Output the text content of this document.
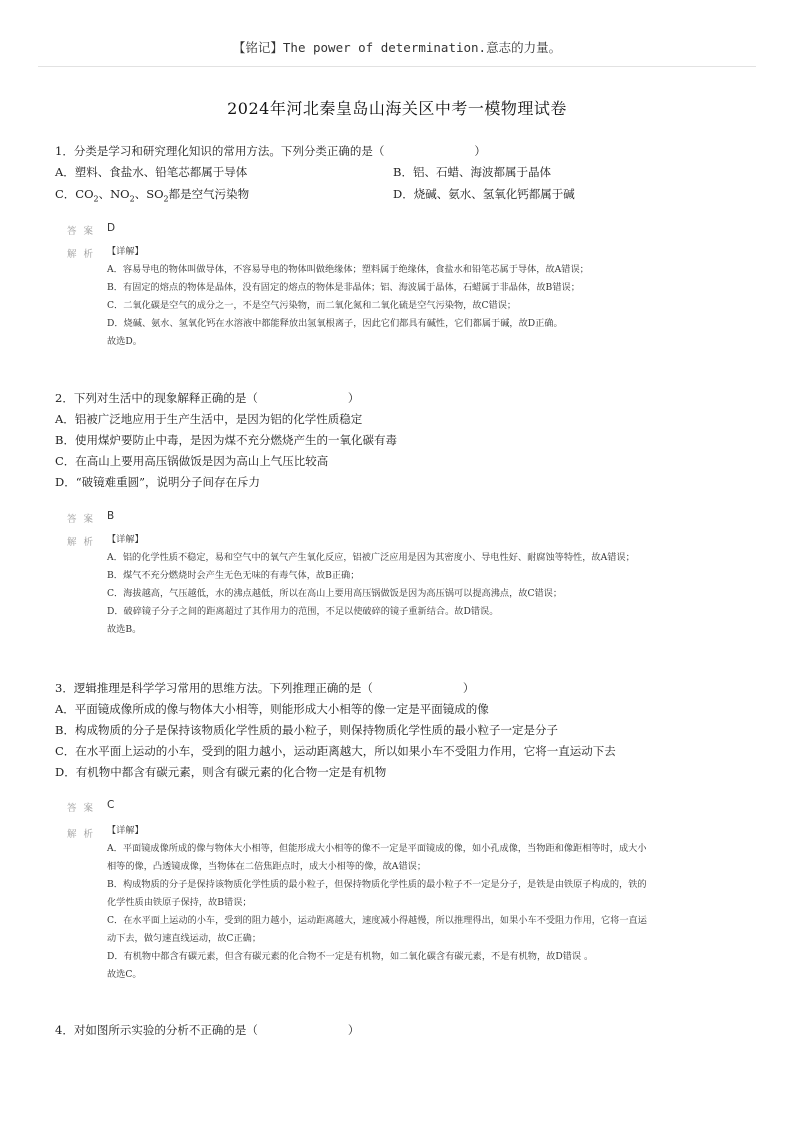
【铭记】The power of determination.意志的力量。
2024年河北秦皇岛山海关区中考一模物理试卷
1．分类是学习和研究理化知识的常用方法。下列分类正确的是（	）
A．塑料、食盐水、铅笔芯都属于导体	B．铝、石蜡、海波都属于晶体
C．$CO_2$、$NO_2$、$SO_2$都是空气污染物	D．烧碱、氨水、氢氧化钙都属于碱
答 案 D
解 析 【详解】
A．容易导电的物体叫做导体，不容易导电的物体叫做绝缘体；塑料属于绝缘体，食盐水和铅笔芯属于导体，故A错误；
B．有固定的熔点的物体是晶体，没有固定的熔点的物体是非晶体；铝、海波属于晶体，石蜡属于非晶体，故B错误；
C．二氧化碳是空气的成分之一，不是空气污染物，而二氧化氮和二氧化硫是空气污染物，故C错误；
D．烧碱、氨水、氢氧化钙在水溶液中都能释放出氢氧根离子，因此它们都具有碱性，它们都属于碱，故D正确。
故选D。
2．下列对生活中的现象解释正确的是（	）
A．铝被广泛地应用于生产生活中，是因为铝的化学性质稳定
B．使用煤炉要防止中毒，是因为煤不充分燃烧产生的一氧化碳有毒
C．在高山上要用高压锅做饭是因为高山上气压比较高
D．“破镜难重圆”，说明分子间存在斥力
答 案 B
解 析 【详解】
A．铝的化学性质不稳定，易和空气中的氧气产生氧化反应，铝被广泛应用是因为其密度小、导电性好、耐腐蚀等特性，故A错误；
B．煤气不充分燃烧时会产生无色无味的有毒气体，故B正确；
C．海拔越高，气压越低，水的沸点越低，所以在高山上要用高压锅做饭是因为高压锅可以提高沸点，故C错误；
D．破碎镜子分子之间的距离超过了其作用力的范围，不足以使破碎的镜子重新结合。故D错误。
故选B。
3．逻辑推理是科学学习常用的思维方法。下列推理正确的是（	）
A．平面镜成像所成的像与物体大小相等，则能形成大小相等的像一定是平面镜成的像
B．构成物质的分子是保持该物质化学性质的最小粒子，则保持物质化学性质的最小粒子一定是分子
C．在水平面上运动的小车，受到的阻力越小，运动距离越大，所以如果小车不受阻力作用，它将一直运动下去
D．有机物中都含有碳元素，则含有碳元素的化合物一定是有机物
答 案 C
解 析 【详解】
A．平面镜成像所成的像与物体大小相等，但能形成大小相等的像不一定是平面镜成的像，如小孔成像，当物距和像距相等时，成大小
相等的像，凸透镜成像，当物体在二倍焦距点时，成大小相等的像，故A错误；
B．构成物质的分子是保持该物质化学性质的最小粒子，但保持物质化学性质的最小粒子不一定是分子，是铁是由铁原子构成的，铁的
化学性质由铁原子保持，故B错误；
C．在水平面上运动的小车，受到的阻力越小，运动距离越大，速度减小得越慢，所以推理得出，如果小车不受阻力作用，它将一直运
动下去，做匀速直线运动，故C正确；
D．有机物中都含有碳元素，但含有碳元素的化合物不一定是有机物，如二氧化碳含有碳元素，不是有机物，故D错误 。
故选C。
4．对如图所示实验的分析不正确的是（	）
